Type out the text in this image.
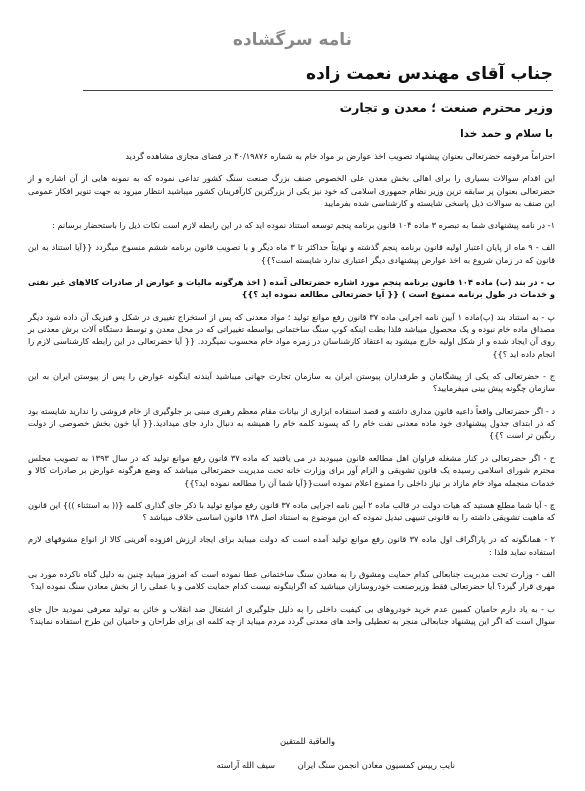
نامه سرگشاده
جناب آقای مهندس نعمت زاده
وزیر محترم صنعت ؛ معدن و تجارت
با سلام و حمد خدا

احتراماً مرقومه حضرتعالی بعنوان پیشنهاد تصویب اخذ عوارض بر مواد خام به شماره ۴۰/۱۹۸۷۶ در فضای مجازی مشاهده گردید

این اقدام سوالات بسیاری را برای اهالی بخش معدن علی الخصوص صنف بزرگ صنعت سنگ کشور تداعی نموده که به نمونه هایی از آن اشاره و از حضرتعالی بعنوان پر سابقه ترین وزیر نظام جمهوری اسلامی که خود نیز یکی از بزرگترین کارآفرینان کشور میباشید انتظار میرود به جهت تنویر افکار عمومی این صنف به سوالات ذیل پاسخی شایسته و کارشناسی شده بفرمایید

۱- در نامه پیشنهادی شما به تبصره ۳ ماده ۱۰۴ قانون برنامه پنجم توسعه استناد نموده اید که در این رابطه لازم است نکات ذیل را باستحضار برسانم :

الف - ۹ ماه از پایان اعتبار اولیه قانون برنامه پنجم گذشته و نهایتاً حداکثر تا ۳ ماه دیگر و با تصویب قانون برنامه ششم منسوخ میگردد {{آیا استناد به این قانون که در زمان شروع به اخذ عوارض پیشنهادی دیگر اعتباری ندارد شایسته است؟}}

ب - در بند (ب) ماده ۱۰۴ قانون برنامه پنجم مورد اشاره حضرتعالی آمده ( اخذ هرگونه مالیات و عوارض از صادرات کالاهای غیر نفتی و خدمات در طول برنامه ممنوع است ) {{ آیا حضرتعالی مطالعه نموده اید ؟}}

پ - به استناد بند (پ)ماده ۱ آیین نامه اجرایی ماده ۳۷ قانون رفع موانع تولید ؛ مواد معدنی که پس از استخراج تغییری در شکل و فیزیک آن داده شود دیگر مصداق ماده خام نبوده و یک محصول میباشد فلذا بطت اینکه کوپ سنگ ساختمانی بواسطه تغییراتی که در محل معدن و توسط دستگاه آلات برش معدنی بر روی آن ایجاد شده و از شکل اولیه خارج میشود به اعتقاد کارشناسان در زمره مواد خام محسوب نمیگردد. {{ آیا حضرتعالی در این رابطه کارشناسی لازم را انجام داده اید ؟}}

ج - حضرتعالی که یکی از پیشگامان و طرفداران پیوستن ایران به سازمان تجارت جهانی میباشید آیندنه اینگونه عوارض را پس از پیوستن ایران به این سازمان چگونه پیش بینی میفرمایید؟

د - اگر حضرتعالی واقعاً داعیه قانون مداری داشته و قصد استفاده ابزاری از بیانات مقام معظم رهبری مبنی بر جلوگیری از خام فروشی را ندارید شایسته بود که در ابتدای جدول پیشنهادی خود ماده معدنی نفت خام را که پسوند کلمه خام را همیشه به دنبال دارد جای میدادید.{{ آیا خون بخش خصوصی از دولت رنگین تر است ؟}}

ح - اگر حضرتعالی در کنار مشغله فراوان اهل مطالعه قانون میبودید در می یافتید که ماده ۳۷ قانون رفع موانع تولید که در سال ۱۳۹۳ به تصویب مجلس محترم شورای اسلامی رسیده یک قانون تشویقی و الزام آور برای وزارت خانه تحت مدیریت حضرتعالی میباشد که وضع هرگونه عوارض بر صادرات کالا و خدمات منجمله مواد خام مازاد بر نیاز داخلی را ممنوع اعلام نموده است{{آیا شما آن را مطالعه نموده اید؟}}

چ - آیا شما مطلع هستید که هیات دولت در قالب ماده ۲ آیین نامه اجرایی ماده ۳۷ قانون رفع موانع تولید با ذکر جای گذاری کلمه {(( به استثناء ))} این قانون که ماهیت تشویقی داشته را به قانونی تنبیهی تبدیل نموده که این موضوع به استناد اصل ۱۳۸ قانون اساسی خلاف میباشد ؟

۲ - همانگونه که در پاراگراف اول ماده ۳۷ قانون رفع موانع تولید آمده است که دولت میباید برای ایجاد ارزش افزوده آفرینی کالا از انواع مشوقهای لازم استفاده نماید فلذا :

الف - وزارت تحت مدیریت جنابعالی کدام حمایت ومشوق را به معادن سنگ ساختمانی عطا نموده است که امروز میباید چنین به دلیل گناه ناکرده مورد بی مهری قرار گیرد؟ آیا حضرتعالی فقط وزیرصنعت خودروسازان میباشید که اگراینگونه نیست کدام حمایت کلامی و یا عملی را از بخش معادن سنگ نموده اید؟

ب - به یاد دارم حامیان کمبین عدم خرید خودروهای بی کیفیت داخلی را به دلیل جلوگیری از اشتغال ضد انقلاب و خائن به تولید معرفی نمودید حال جای سوال است که اگر این پیشنهاد جنابعالی منجر به تعطیلی واحد های معدنی گردد مردم میباید از چه کلمه ای برای طراحان و حامیان این طرح استفاده نمایند؟

والعاقبة للمتقین
نایب رییس کمسیون معادن انجمن سنگ ایران
سیف الله آراسته
